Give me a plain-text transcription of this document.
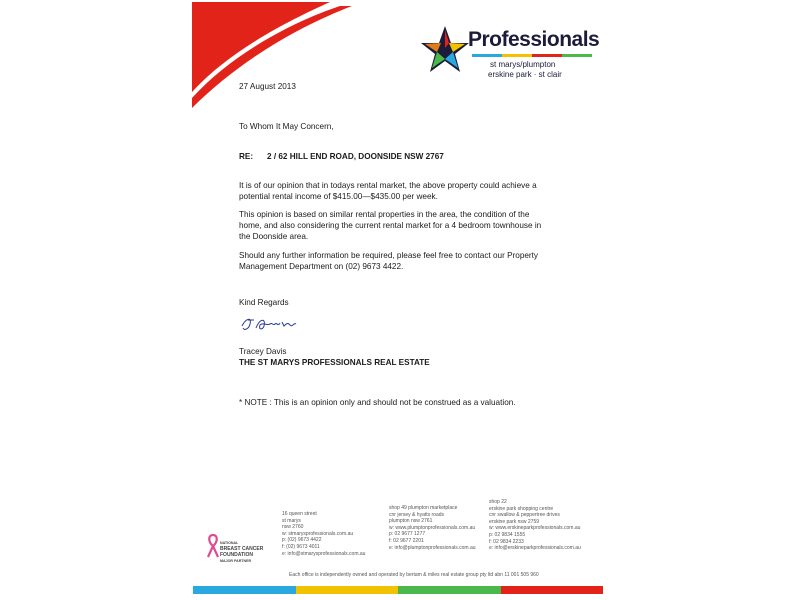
Professionals
st marys/plumpton
erskine park · st clair
27 August 2013
To Whom It May Concern,
RE: 2 / 62 HILL END ROAD, DOONSIDE NSW 2767
It is of our opinion that in todays rental market, the above property could achieve a
potential rental income of $415.00—$435.00 per week.
This opinion is based on similar rental properties in the area, the condition of the
home, and also considering the current rental market for a 4 bedroom townhouse in
the Doonside area.
Should any further information be required, please feel free to contact our Property
Management Department on (02) 9673 4422.
Kind Regards
Tracey Davis
THE ST MARYS PROFESSIONALS REAL ESTATE
* NOTE : This is an opinion only and should not be construed as a valuation.
NATIONAL
BREAST CANCER
FOUNDATION
MAJOR PARTNER
16 queen street
st marys
nsw 2760
w: stmarysprofessionals.com.au
p: (02) 9673 4422
f: (02) 9673 4011
e: info@stmarysprofessionals.com.au
shop 49 plumpton marketplace
cnr jersey & hyatts roads
plumpton nsw 2761
w: www.plumptonprofessionals.com.au
p: 02 9677 1277
f: 02 9677 2201
e: info@plumptonprofessionals.com.au
shop 22
erskine park shopping centre
cnr swallow & peppertree drives
erskine park nsw 2759
w: www.erskineparkprofessionals.com.au
p: 02 9834 1555
f: 02 9834 2233
e: info@erskineparkprofessionals.com.au
Each office is independently owned and operated by bertam & miles real estate group pty ltd abn 11 001 505 960
